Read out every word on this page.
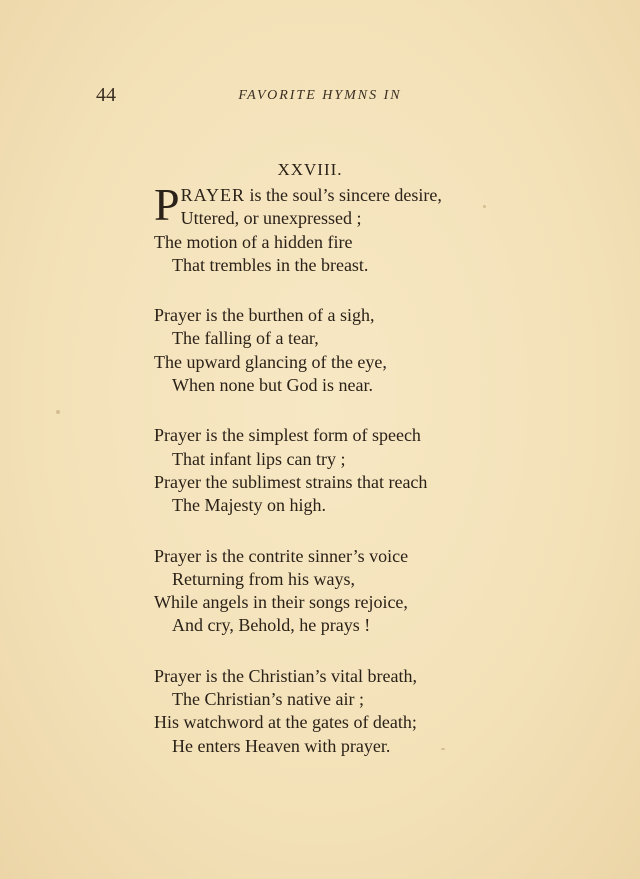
44	FAVORITE HYMNS IN
XXVIII.
PRAYER is the soul’s sincere desire,
Uttered, or unexpressed ;
The motion of a hidden fire
That trembles in the breast.
Prayer is the burthen of a sigh,
The falling of a tear,
The upward glancing of the eye,
When none but God is near.
Prayer is the simplest form of speech
That infant lips can try ;
Prayer the sublimest strains that reach
The Majesty on high.
Prayer is the contrite sinner’s voice
Returning from his ways,
While angels in their songs rejoice,
And cry, Behold, he prays !
Prayer is the Christian’s vital breath,
The Christian’s native air ;
His watchword at the gates of death;
He enters Heaven with prayer.
